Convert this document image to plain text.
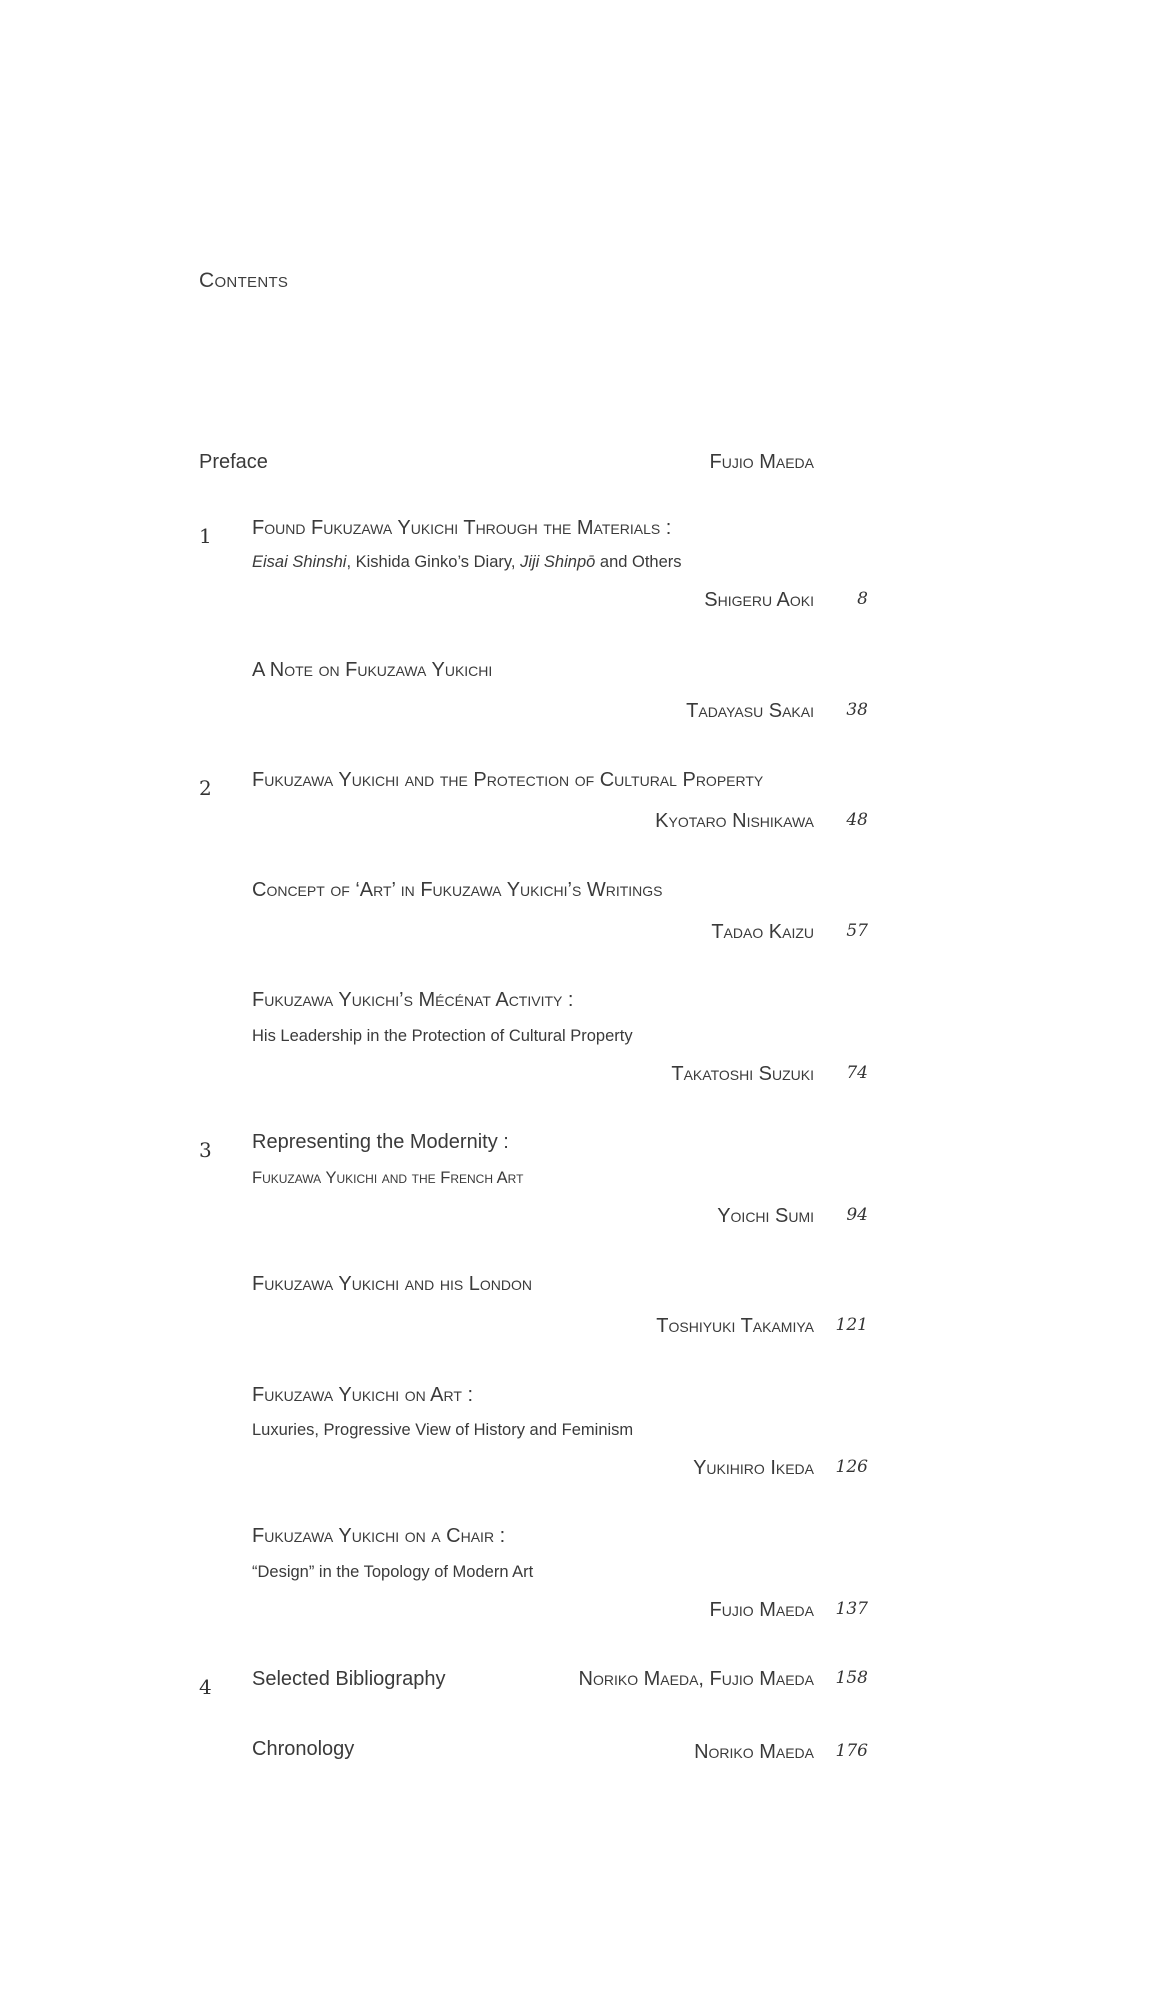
Contents
Preface	Fujio Maeda
1 Found Fukuzawa Yukichi Through the Materials :
Eisai Shinshi, Kishida Ginko’s Diary, Jiji Shinpō and Others
Shigeru Aoki	8
A Note on Fukuzawa Yukichi
Tadayasu Sakai	38
2 Fukuzawa Yukichi and the Protection of Cultural Property
Kyotaro Nishikawa	48
Concept of ‘Art’ in Fukuzawa Yukichi’s Writings
Tadao Kaizu	57
Fukuzawa Yukichi’s Mécénat Activity :
His Leadership in the Protection of Cultural Property
Takatoshi Suzuki	74
3 Representing the Modernity :
Fukuzawa Yukichi and the French Art
Yoichi Sumi	94
Fukuzawa Yukichi and his London
Toshiyuki Takamiya	121
Fukuzawa Yukichi on Art :
Luxuries, Progressive View of History and Feminism
Yukihiro Ikeda	126
Fukuzawa Yukichi on a Chair :
“Design” in the Topology of Modern Art
Fujio Maeda	137
4 Selected Bibliography	Noriko Maeda, Fujio Maeda	158
Chronology	Noriko Maeda	176
